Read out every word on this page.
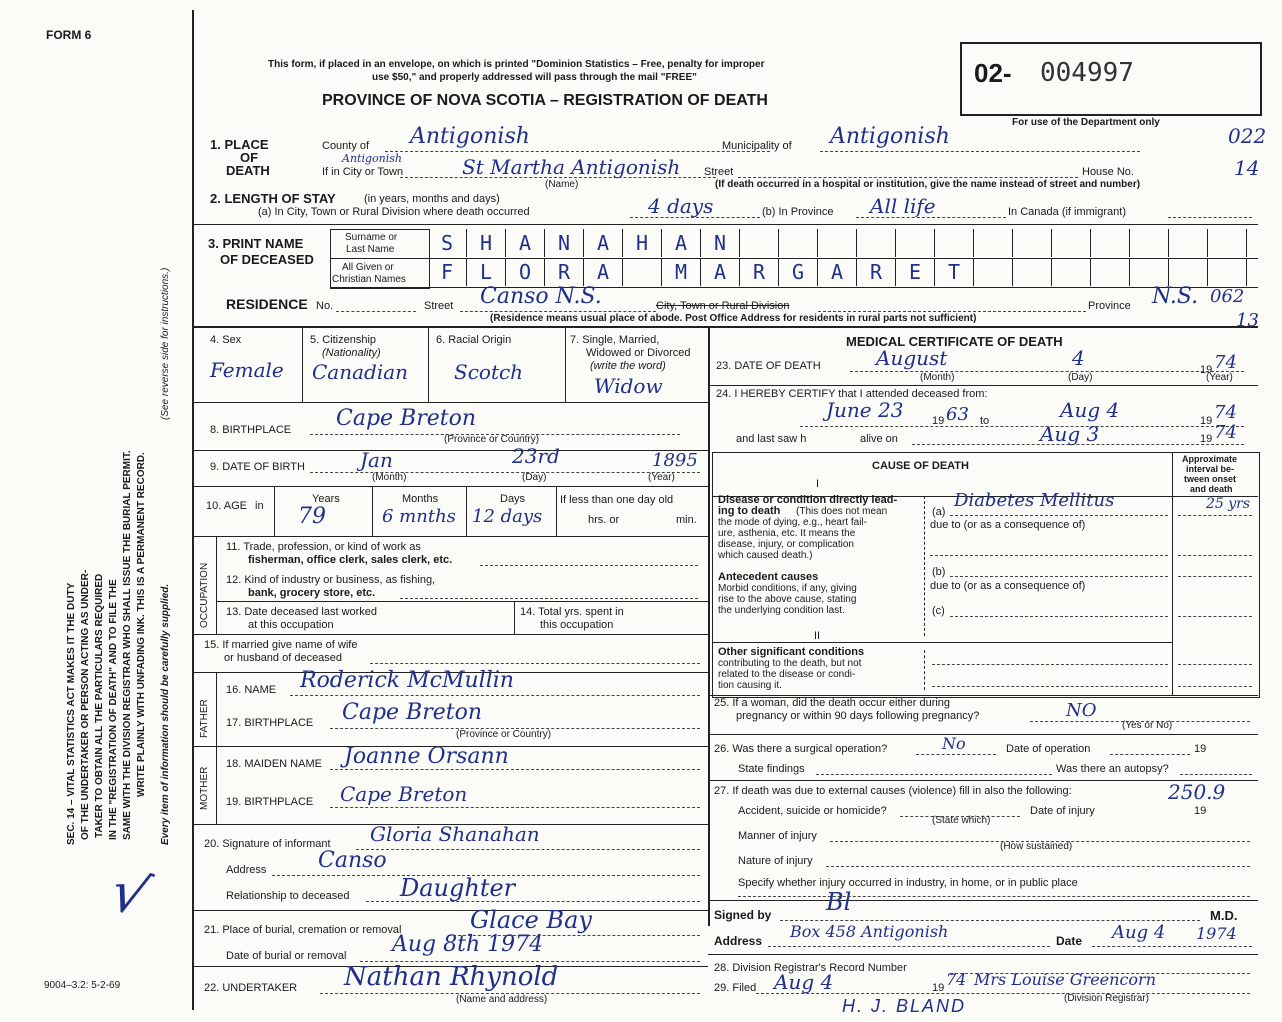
FORM 6
This form, if placed in an envelope, on which is printed "Dominion Statistics – Free, penalty for improper
use $50," and properly addressed will pass through the mail "FREE"
PROVINCE OF NOVA SCOTIA – REGISTRATION OF DEATH
02- 004997
For use of the Department only
SEC. 14 – VITAL STATISTICS ACT MAKES IT THE DUTY OF THE UNDERTAKER OR PERSON ACTING AS UNDER- TAKER TO OBTAIN ALL THE PARTICULARS REQUIRED IN THE "REGISTRATION OF DEATH" AND TO FILE THE SAME WITH THE DIVISION REGISTRAR WHO SHALL ISSUE THE BURIAL PERMIT. WRITE PLAINLY WITH UNFADING INK. THIS IS A PERMANENT RECORD.
(See reverse side for instructions.)
Every item of information should be carefully supplied.
√
9004–3.2: 5-2-69
1. PLACE
OF
DEATH
County of Antigonish	Municipality of Antigonish	022
If in City or Town
Antigonish	St Martha Antigonish Street	House No.	14
(Name)	(If death occurred in a hospital or institution, give the name instead of street and number)
2. LENGTH OF STAY	(in years, months and days)
(a) In City, Town or Rural Division where death occurred	4 days	(b) In Province All life	In Canada (if immigrant)
3. PRINT NAME
OF DECEASED
Surname or
Last Name
All Given or
Christian Names
S	H	A	N	A	H	A	N
F	L	O	R	A	M	A	R	G	A	R	E	T
RESIDENCE No.	Street Canso N.S.	City, Town or Rural Division	Province N.S. 062
13
(Residence means usual place of abode. Post Office Address for residents in rural parts not sufficient)
4. Sex
Female
5. Citizenship
(Nationality)
Canadian
6. Racial Origin
Scotch
7. Single, Married,
Widowed or Divorced
(write the word)
Widow
8. BIRTHPLACE Cape Breton
(Province or Country)
9. DATE OF BIRTH	Jan	23rd	1895
(Month)	(Day)	(Year)
10. AGE in
Years	Months	Days
79	6 mnths 12 days
If less than one day old
hrs. or	min.
OCCUPATION
11. Trade, profession, or kind of work as
fisherman, office clerk, sales clerk, etc.
12. Kind of industry or business, as fishing,
bank, grocery store, etc.
13. Date deceased last worked
at this occupation
14. Total yrs. spent in
this occupation
15. If married give name of wife
or husband of deceased
FATHER
16. NAME Roderick McMullin
17. BIRTHPLACE Cape Breton
(Province or Country)
MOTHER
18. MAIDEN NAME Joanne Orsann
19. BIRTHPLACE Cape Breton
20. Signature of informant Gloria Shanahan
Address Canso
Relationship to deceased Daughter
21. Place of burial, cremation or removal	Glace Bay
Date of burial or removal Aug 8th 1974
22. UNDERTAKER Nathan Rhynold
(Name and address)
MEDICAL CERTIFICATE OF DEATH
23. DATE OF DEATH	August	4	19 74
(Month)	(Day)	(Year)
24. I HEREBY CERTIFY that I attended deceased from:
June 23	19 63 to	Aug 4	19 74
and last saw h	alive on	Aug 3	19 74
CAUSE OF DEATH
Approximate
interval be-
tween onset
and death
I
Disease or condition directly lead-
ing to death (This does not mean
the mode of dying, e.g., heart fail-
ure, asthenia, etc. It means the
disease, injury, or complication
which caused death.)
(a)
Diabetes Mellitus	25 yrs
due to (or as a consequence of)
Antecedent causes
Morbid conditions, if any, giving
rise to the above cause, stating
the underlying condition last.
(b)
due to (or as a consequence of)
(c)
II
Other significant conditions
contributing to the death, but not
related to the disease or condi-
tion causing it.
25. If a woman, did the death occur either during
pregnancy or within 90 days following pregnancy?	NO
(Yes or No)
26. Was there a surgical operation?	No	Date of operation	19
State findings	Was there an autopsy?
27. If death was due to external causes (violence) fill in also the following:	250.9
Accident, suicide or homicide?	Date of injury	19
(State which)
Manner of injury
(How sustained)
Nature of injury
Specify whether injury occurred in industry, in home, or in public place
Signed by Bl	M.D.
Address Box 458 Antigonish	Date Aug 4 1974
28. Division Registrar's Record Number
29. Filed Aug 4	19 74 Mrs Louise Greencorn
(Division Registrar)
H. J. BLAND
